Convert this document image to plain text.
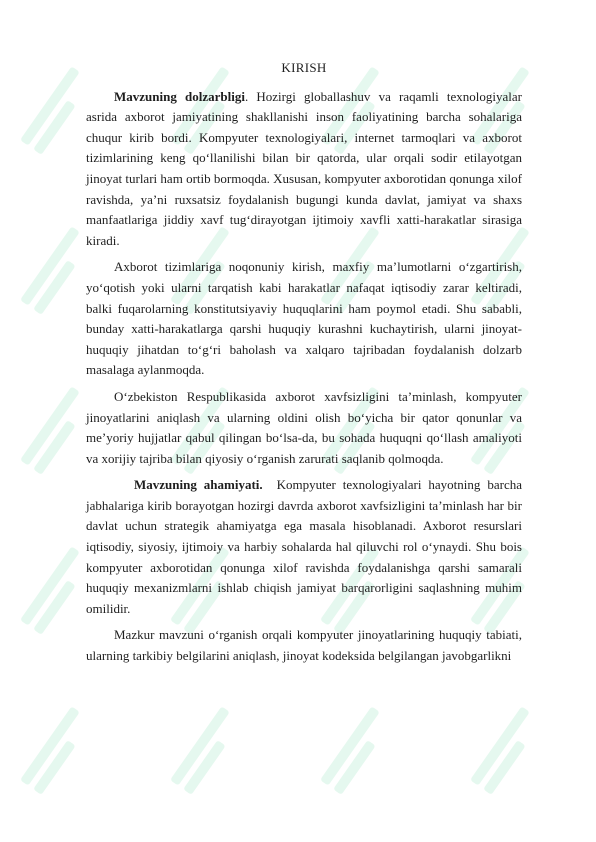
KIRISH

Mavzuning dolzarbligi. Hozirgi globallashuv va raqamli texnologiyalar asrida axborot jamiyatining shakllanishi inson faoliyatining barcha sohalariga chuqur kirib bordi. Kompyuter texnologiyalari, internet tarmoqlari va axborot tizimlarining keng qo‘llanilishi bilan bir qatorda, ular orqali sodir etilayotgan jinoyat turlari ham ortib bormoqda. Xususan, kompyuter axborotidan qonunga xilof ravishda, ya’ni ruxsatsiz foydalanish bugungi kunda davlat, jamiyat va shaxs manfaatlariga jiddiy xavf tug‘dirayotgan ijtimoiy xavfli xatti-harakatlar sirasiga kiradi.

Axborot tizimlariga noqonuniy kirish, maxfiy ma’lumotlarni o‘zgartirish, yo‘qotish yoki ularni tarqatish kabi harakatlar nafaqat iqtisodiy zarar keltiradi, balki fuqarolarning konstitutsiyaviy huquqlarini ham poymol etadi. Shu sababli, bunday xatti-harakatlarga qarshi huquqiy kurashni kuchaytirish, ularni jinoyat-huquqiy jihatdan to‘g‘ri baholash va xalqaro tajribadan foydalanish dolzarb masalaga aylanmoqda.

O‘zbekiston Respublikasida axborot xavfsizligini ta’minlash, kompyuter jinoyatlarini aniqlash va ularning oldini olish bo‘yicha bir qator qonunlar va me’yoriy hujjatlar qabul qilingan bo‘lsa-da, bu sohada huquqni qo‘llash amaliyoti va xorijiy tajriba bilan qiyosiy o‘rganish zarurati saqlanib qolmoqda.

Mavzuning ahamiyati.  Kompyuter texnologiyalari hayotning barcha jabhalariga kirib borayotgan hozirgi davrda axborot xavfsizligini ta’minlash har bir davlat uchun strategik ahamiyatga ega masala hisoblanadi. Axborot resurslari iqtisodiy, siyosiy, ijtimoiy va harbiy sohalarda hal qiluvchi rol o‘ynaydi. Shu bois kompyuter axborotidan qonunga xilof ravishda foydalanishga qarshi samarali huquqiy mexanizmlarni ishlab chiqish jamiyat barqarorligini saqlashning muhim omilidir.

Mazkur mavzuni o‘rganish orqali kompyuter jinoyatlarining huquqiy tabiati, ularning tarkibiy belgilarini aniqlash, jinoyat kodeksida belgilangan javobgarlikni
